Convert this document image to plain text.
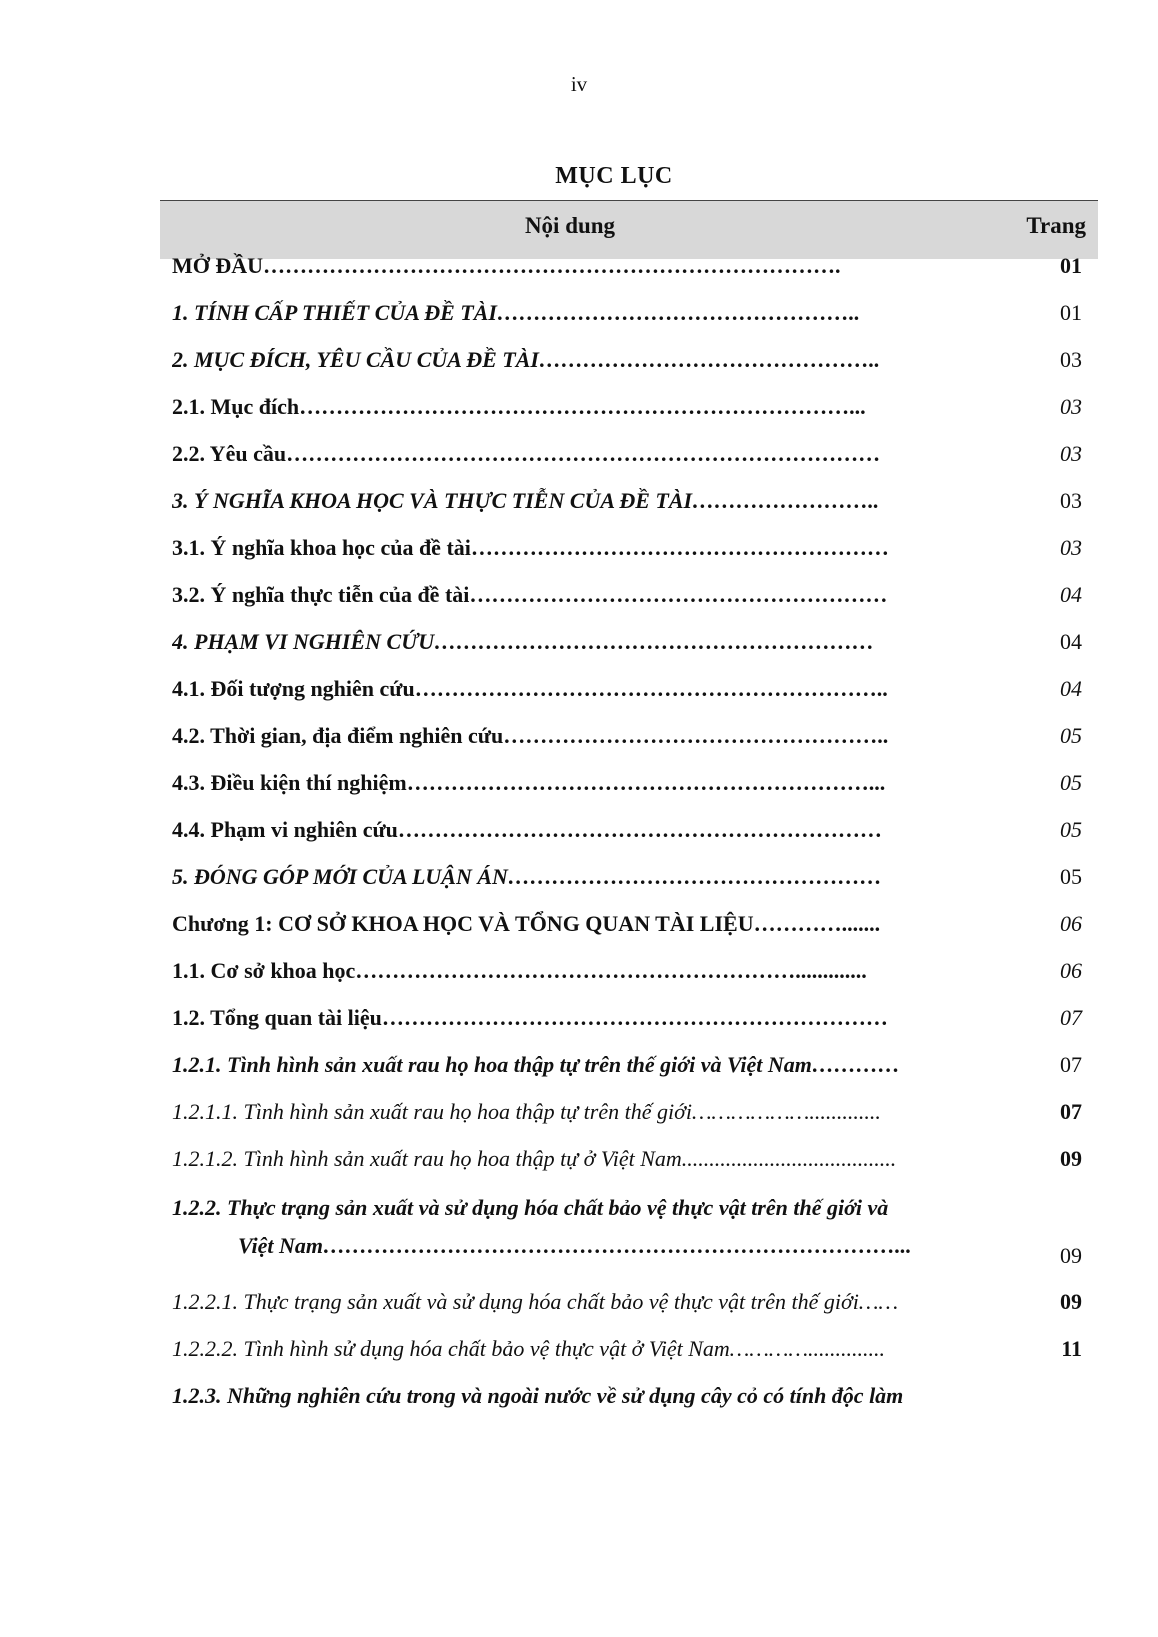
iv
MỤC LỤC
Nội dung	Trang
MỞ ĐẦU…………………………………………………………………….	01
1. TÍNH CẤP THIẾT CỦA ĐỀ TÀI…………………………………………..	01
2. MỤC ĐÍCH, YÊU CẦU CỦA ĐỀ TÀI………………………………………..	03
2.1. Mục đích…………………………………………………………………...	03
2.2. Yêu cầu………………………………………………………………………	03
3. Ý NGHĨA KHOA HỌC VÀ THỰC TIỄN CỦA ĐỀ TÀI……………………..	03
3.1. Ý nghĩa khoa học của đề tài…………………………………………………	03
3.2. Ý nghĩa thực tiễn của đề tài…………………………………………………	04
4. PHẠM VI NGHIÊN CỨU……………………………………………………	04
4.1. Đối tượng nghiên cứu………………………………………………………..	04
4.2. Thời gian, địa điểm nghiên cứu……………………………………………..	05
4.3. Điều kiện thí nghiệm………………………………………………………...	05
4.4. Phạm vi nghiên cứu…………………………………………………………	05
5. ĐÓNG GÓP MỚI CỦA LUẬN ÁN……………………………………………	05
Chương 1: CƠ SỞ KHOA HỌC VÀ TỔNG QUAN TÀI LIỆU………….......	06
1.1. Cơ sở khoa học…………………………………………………….............	06
1.2. Tổng quan tài liệu……………………………………………………………	07
1.2.1. Tình hình sản xuất rau họ hoa thập tự trên thế giới và Việt Nam…………	07
1.2.1.1. Tình hình sản xuất rau họ hoa thập tự trên thế giới……………….............	07
1.2.1.2. Tình hình sản xuất rau họ hoa thập tự ở Việt Nam.......................................	09
1.2.2. Thực trạng sản xuất và sử dụng hóa chất bảo vệ thực vật trên thế giới và
Việt Nam……………………………………………………………………...	09
1.2.2.1. Thực trạng sản xuất và sử dụng hóa chất bảo vệ thực vật trên thế giới……	09
1.2.2.2. Tình hình sử dụng hóa chất bảo vệ thực vật ở Việt Nam…………..............	11
1.2.3. Những nghiên cứu trong và ngoài nước về sử dụng cây cỏ có tính độc làm
